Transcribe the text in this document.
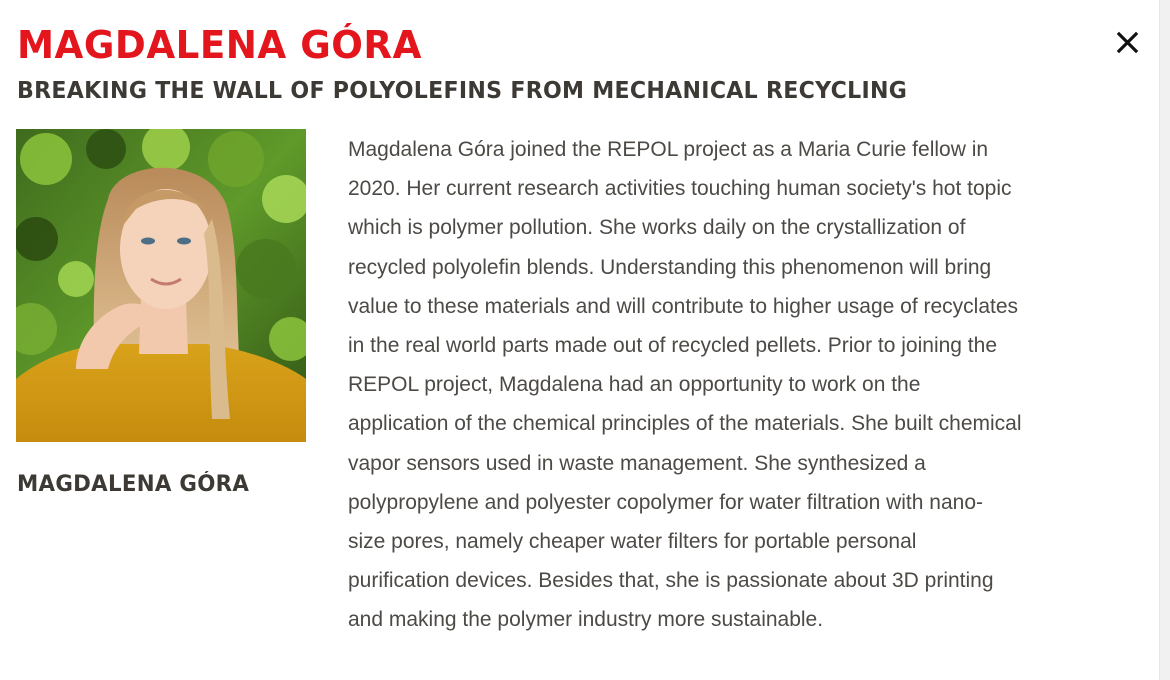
MAGDALENA GÓRA
BREAKING THE WALL OF POLYOLEFINS FROM MECHANICAL RECYCLING
MAGDALENA GÓRA

Magdalena Góra joined the REPOL project as a Maria Curie fellow in
2020. Her current research activities touching human society's hot topic
which is polymer pollution. She works daily on the crystallization of
recycled polyolefin blends. Understanding this phenomenon will bring
value to these materials and will contribute to higher usage of recyclates
in the real world parts made out of recycled pellets. Prior to joining the
REPOL project, Magdalena had an opportunity to work on the
application of the chemical principles of the materials. She built chemical
vapor sensors used in waste management. She synthesized a
polypropylene and polyester copolymer for water filtration with nano-
size pores, namely cheaper water filters for portable personal
purification devices. Besides that, she is passionate about 3D printing
and making the polymer industry more sustainable.
